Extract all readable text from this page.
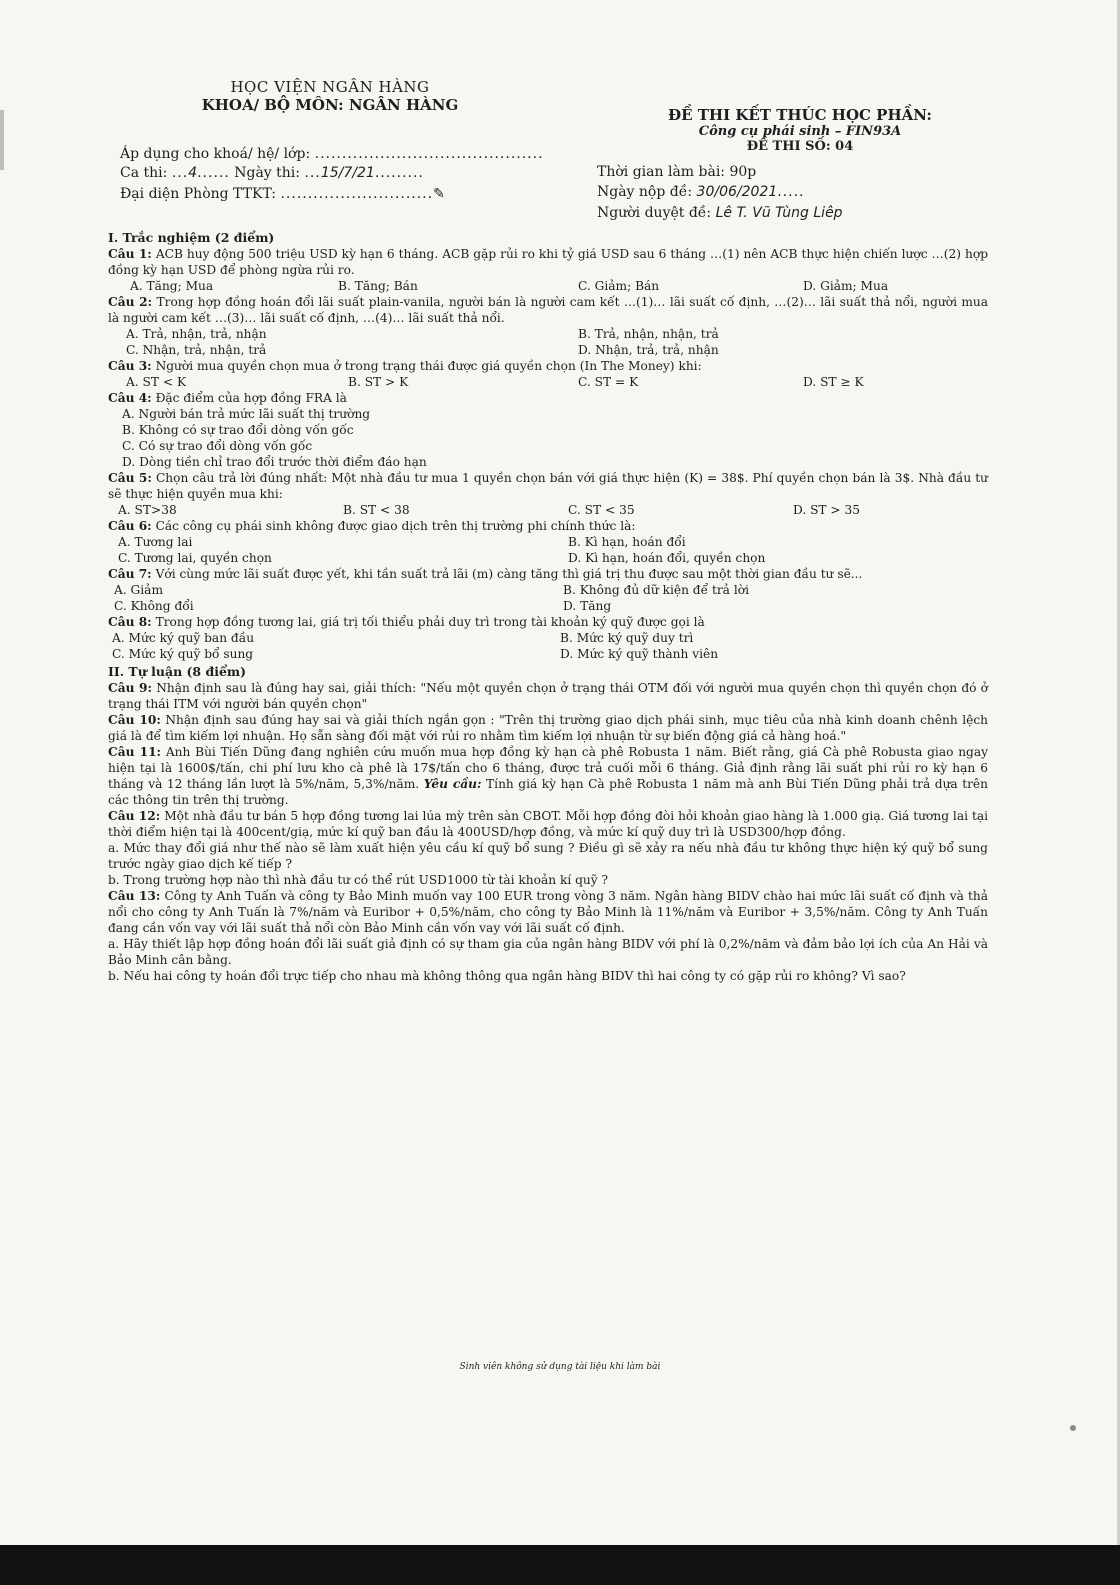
HỌC VIỆN NGÂN HÀNG
KHOA/ BỘ MÔN: NGÂN HÀNG
ĐỀ THI KẾT THÚC HỌC PHẦN:
Công cụ phái sinh – FIN93A
ĐỀ THI SỐ: 04
Áp dụng cho khoá/ hệ/ lớp: ..........................................
Ca thi: ...4...... Ngày thi: ...15/7/21.........
Đại diện Phòng TTKT: ............................✎
Thời gian làm bài: 90p
Ngày nộp đề: 30/06/2021.....
Người duyệt đề: Lê T. Vũ Tùng Liêp
I. Trắc nghiệm (2 điểm)

Câu 1: ACB huy động 500 triệu USD kỳ hạn 6 tháng. ACB gặp rủi ro khi tỷ giá USD sau 6 tháng …(1) nên ACB thực hiện chiến lược …(2) hợp đồng kỳ hạn USD để phòng ngừa rủi ro.

A. Tăng; Mua	B. Tăng; Bán	C. Giảm; Bán	D. Giảm; Mua

Câu 2: Trong hợp đồng hoán đổi lãi suất plain-vanila, người bán là người cam kết …(1)… lãi suất cố định, …(2)… lãi suất thả nổi, người mua là người cam kết …(3)… lãi suất cố định, …(4)… lãi suất thả nổi.

A. Trả, nhận, trả, nhận	B. Trả, nhận, nhận, trả
C. Nhận, trả, nhận, trả	D. Nhận, trả, trả, nhận

Câu 3: Người mua quyền chọn mua ở trong trạng thái được giá quyền chọn (In The Money) khi:

A. ST < K	B. ST > K	C. ST = K	D. ST ≥ K

Câu 4: Đặc điểm của hợp đồng FRA là

A. Người bán trả mức lãi suất thị trường
B. Không có sự trao đổi dòng vốn gốc
C. Có sự trao đổi dòng vốn gốc
D. Dòng tiền chỉ trao đổi trước thời điểm đáo hạn

Câu 5: Chọn câu trả lời đúng nhất: Một nhà đầu tư mua 1 quyền chọn bán với giá thực hiện (K) = 38$. Phí quyền chọn bán là 3$. Nhà đầu tư sẽ thực hiện quyền mua khi:

A. ST>38	B. ST < 38	C. ST < 35	D. ST > 35

Câu 6: Các công cụ phái sinh không được giao dịch trên thị trường phi chính thức là:

A. Tương lai	B. Kì hạn, hoán đổi
C. Tương lai, quyền chọn	D. Kì hạn, hoán đổi, quyền chọn

Câu 7: Với cùng mức lãi suất được yết, khi tần suất trả lãi (m) càng tăng thì giá trị thu được sau một thời gian đầu tư sẽ...

A. Giảm	B. Không đủ dữ kiện để trả lời
C. Không đổi	D. Tăng

Câu 8: Trong hợp đồng tương lai, giá trị tối thiểu phải duy trì trong tài khoản ký quỹ được gọi là

A. Mức ký quỹ ban đầu	B. Mức ký quỹ duy trì
C. Mức ký quỹ bổ sung	D. Mức ký quỹ thành viên
II. Tự luận (8 điểm)

Câu 9: Nhận định sau là đúng hay sai, giải thích: "Nếu một quyền chọn ở trạng thái OTM đối với người mua quyền chọn thì quyền chọn đó ở trạng thái ITM với người bán quyền chọn"

Câu 10: Nhận định sau đúng hay sai và giải thích ngắn gọn : "Trên thị trường giao dịch phái sinh, mục tiêu của nhà kinh doanh chênh lệch giá là để tìm kiếm lợi nhuận. Họ sẵn sàng đối mặt với rủi ro nhằm tìm kiếm lợi nhuận từ sự biến động giá cả hàng hoá."

Câu 11: Anh Bùi Tiến Dũng đang nghiên cứu muốn mua hợp đồng kỳ hạn cà phê Robusta 1 năm. Biết rằng, giá Cà phê Robusta giao ngay hiện tại là 1600$/tấn, chi phí lưu kho cà phê là 17$/tấn cho 6 tháng, được trả cuối mỗi 6 tháng. Giả định rằng lãi suất phi rủi ro kỳ hạn 6 tháng và 12 tháng lần lượt là 5%/năm, 5,3%/năm. Yêu cầu: Tính giá kỳ hạn Cà phê Robusta 1 năm mà anh Bùi Tiến Dũng phải trả dựa trên các thông tin trên thị trường.

Câu 12: Một nhà đầu tư bán 5 hợp đồng tương lai lúa mỳ trên sàn CBOT. Mỗi hợp đồng đòi hỏi khoản giao hàng là 1.000 giạ. Giá tương lai tại thời điểm hiện tại là 400cent/giạ, mức kí quỹ ban đầu là 400USD/hợp đồng, và mức kí quỹ duy trì là USD300/hợp đồng.

a. Mức thay đổi giá như thế nào sẽ làm xuất hiện yêu cầu kí quỹ bổ sung ? Điều gì sẽ xảy ra nếu nhà đầu tư không thực hiện ký quỹ bổ sung trước ngày giao dịch kế tiếp ?

b. Trong trường hợp nào thì nhà đầu tư có thể rút USD1000 từ tài khoản kí quỹ ?

Câu 13: Công ty Anh Tuấn và công ty Bảo Minh muốn vay 100 EUR trong vòng 3 năm. Ngân hàng BIDV chào hai mức lãi suất cố định và thả nổi cho công ty Anh Tuấn là 7%/năm và Euribor + 0,5%/năm, cho công ty Bảo Minh là 11%/năm và Euribor + 3,5%/năm. Công ty Anh Tuấn đang cần vốn vay với lãi suất thả nổi còn Bảo Minh cần vốn vay với lãi suất cố định.

a. Hãy thiết lập hợp đồng hoán đổi lãi suất giả định có sự tham gia của ngân hàng BIDV với phí là 0,2%/năm và đảm bảo lợi ích của An Hải và Bảo Minh cân bằng.

b. Nếu hai công ty hoán đổi trực tiếp cho nhau mà không thông qua ngân hàng BIDV thì hai công ty có gặp rủi ro không? Vì sao?

Sinh viên không sử dụng tài liệu khi làm bài
